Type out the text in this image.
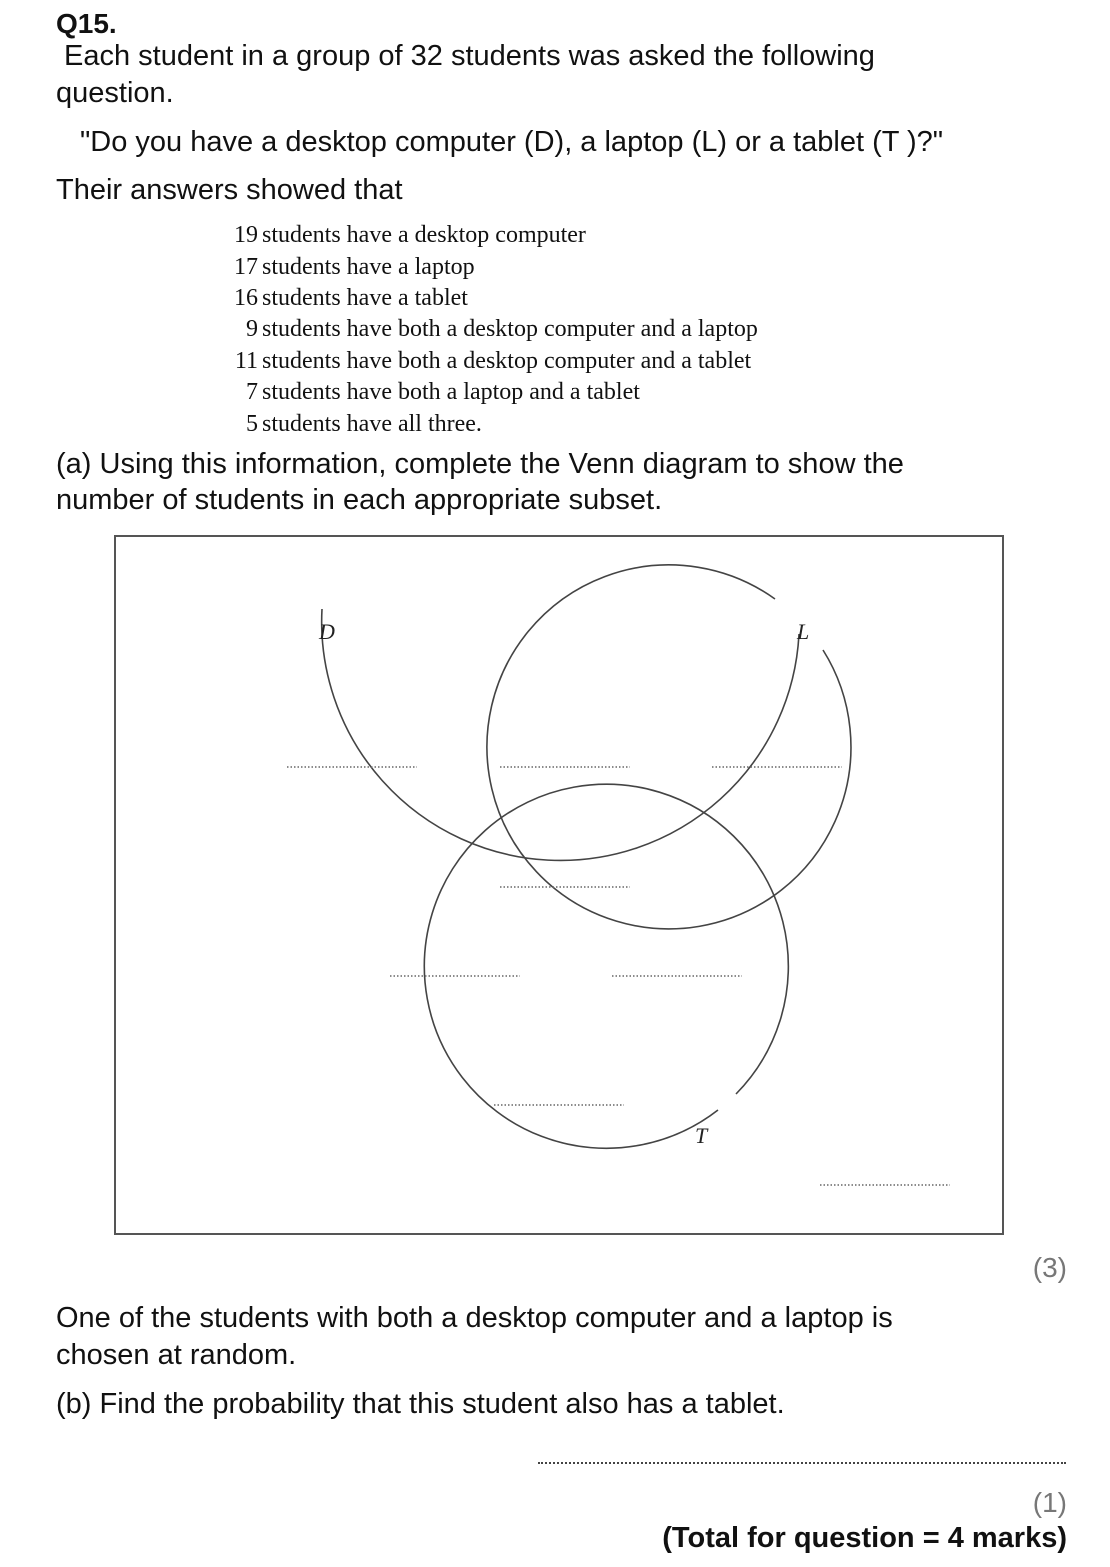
Q15.
Each student in a group of 32 students was asked the following
question.
"Do you have a desktop computer (D), a laptop (L) or a tablet (T )?"
Their answers showed that
19 students have a desktop computer
17 students have a laptop
16 students have a tablet
9 students have both a desktop computer and a laptop
11 students have both a desktop computer and a tablet
7 students have both a laptop and a tablet
5 students have all three.
(a) Using this information, complete the Venn diagram to show the
number of students in each appropriate subset.
D	L
T
(3)
One of the students with both a desktop computer and a laptop is
chosen at random.
(b) Find the probability that this student also has a tablet.
(1)
(Total for question = 4 marks)
